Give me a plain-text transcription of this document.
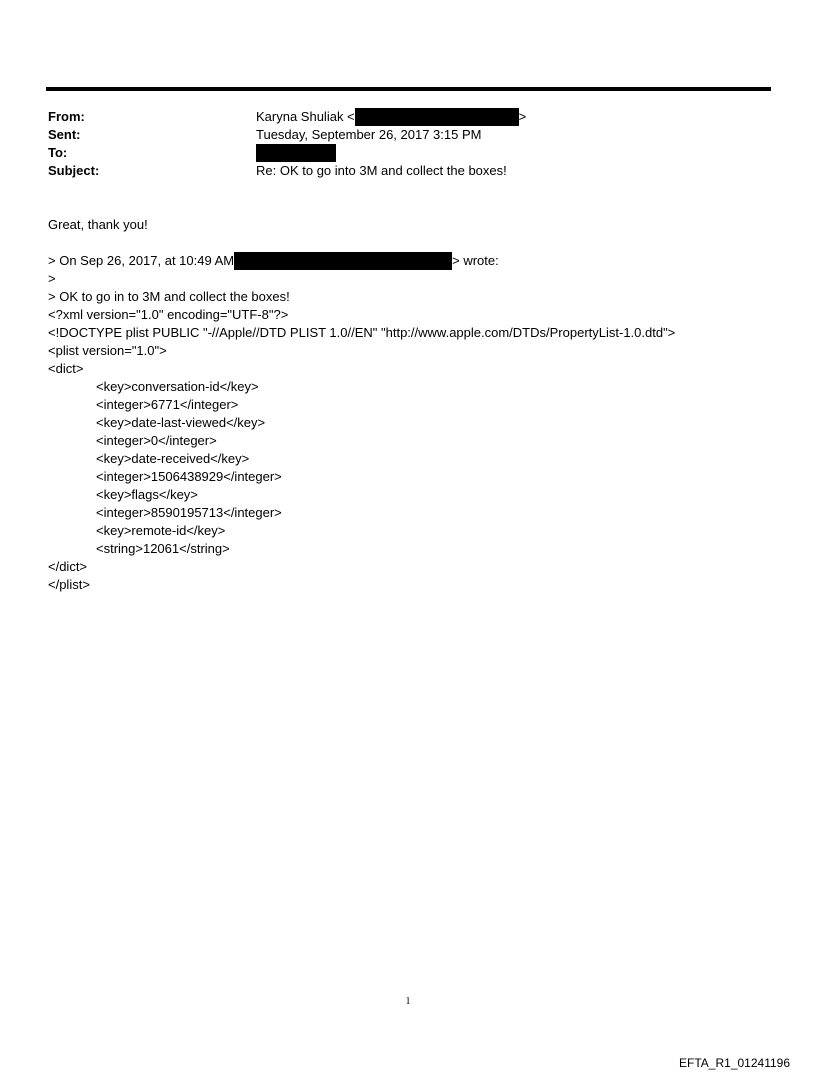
From:	Karyna Shuliak <	>
Sent:	Tuesday, September 26, 2017 3:15 PM
To:
Subject:	Re: OK to go into 3M and collect the boxes!
Great, thank you!
> On Sep 26, 2017, at 10:49 AM	> wrote:
>
> OK to go in to 3M and collect the boxes!
<?xml version="1.0" encoding="UTF-8"?>
<!DOCTYPE plist PUBLIC "-//Apple//DTD PLIST 1.0//EN" "http://www.apple.com/DTDs/PropertyList-1.0.dtd">
<plist version="1.0">
<dict>
<key>conversation-id</key>
<integer>6771</integer>
<key>date-last-viewed</key>
<integer>0</integer>
<key>date-received</key>
<integer>1506438929</integer>
<key>flags</key>
<integer>8590195713</integer>
<key>remote-id</key>
<string>12061</string>
</dict>
</plist>
1
EFTA_R1_01241196
